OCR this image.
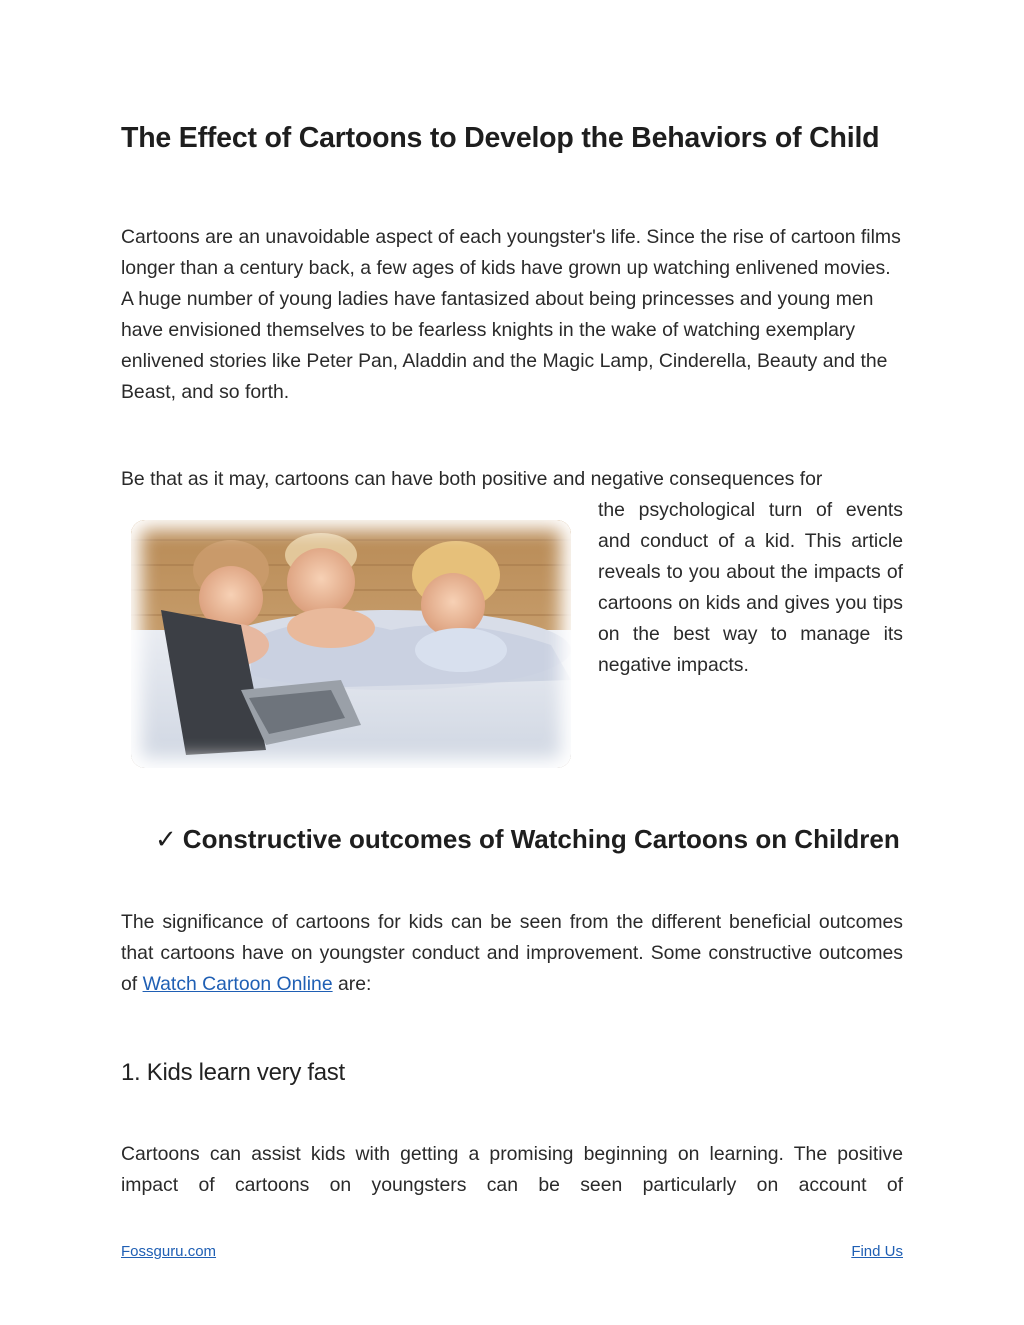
The Effect of Cartoons to Develop the Behaviors of Child

Cartoons are an unavoidable aspect of each youngster's life. Since the rise of cartoon films longer than a century back, a few ages of kids have grown up watching enlivened movies. A huge number of young ladies have fantasized about being princesses and young men have envisioned themselves to be fearless knights in the wake of watching exemplary enlivened stories like Peter Pan, Aladdin and the Magic Lamp, Cinderella, Beauty and the Beast, and so forth.

Be that as it may, cartoons can have both positive and negative consequences for

the psychological turn of events and conduct of a kid. This article reveals to you about the impacts of cartoons on kids and gives you tips on the best way to manage its negative impacts.

✓ Constructive outcomes of Watching Cartoons on Children

The significance of cartoons for kids can be seen from the different beneficial outcomes that cartoons have on youngster conduct and improvement. Some constructive outcomes of Watch Cartoon Online are:

1. Kids learn very fast

Cartoons can assist kids with getting a promising beginning on learning. The positive impact of cartoons on youngsters can be seen particularly on account of

Fossguru.com	Find Us
